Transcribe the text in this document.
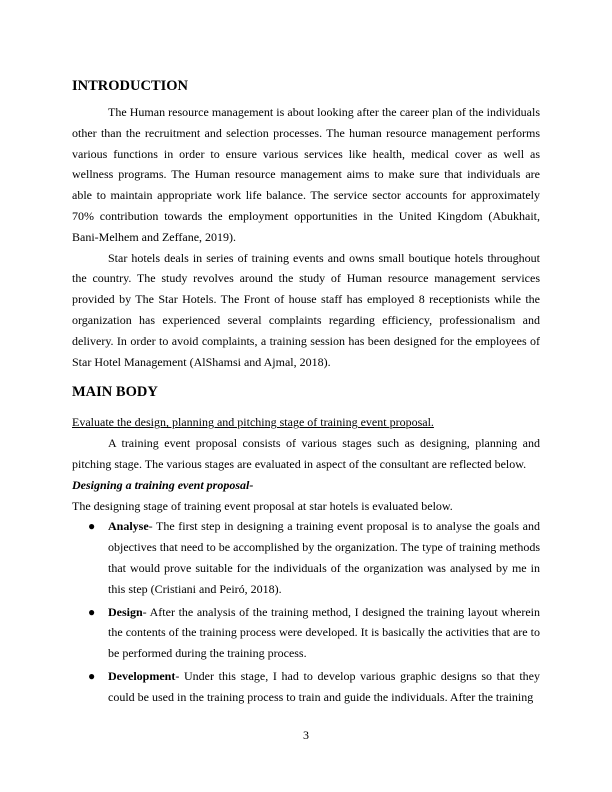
INTRODUCTION

The Human resource management is about looking after the career plan of the individuals other than the recruitment and selection processes. The human resource management performs various functions in order to ensure various services like health, medical cover as well as wellness programs. The Human resource management aims to make sure that individuals are able to maintain appropriate work life balance. The service sector accounts for approximately 70% contribution towards the employment opportunities in the United Kingdom (Abukhait, Bani-Melhem and Zeffane, 2019).

Star hotels deals in series of training events and owns small boutique hotels throughout the country. The study revolves around the study of Human resource management services provided by The Star Hotels. The Front of house staff has employed 8 receptionists while the organization has experienced several complaints regarding efficiency, professionalism and delivery. In order to avoid complaints, a training session has been designed for the employees of Star Hotel Management (AlShamsi and Ajmal, 2018).

MAIN BODY

Evaluate the design, planning and pitching stage of training event proposal.

A training event proposal consists of various stages such as designing, planning and pitching stage. The various stages are evaluated in aspect of the consultant are reflected below.

Designing a training event proposal-

The designing stage of training event proposal at star hotels is evaluated below.

● Analyse- The first step in designing a training event proposal is to analyse the goals and objectives that need to be accomplished by the organization. The type of training methods that would prove suitable for the individuals of the organization was analysed by me in this step (Cristiani and Peiró, 2018).
● Design- After the analysis of the training method, I designed the training layout wherein the contents of the training process were developed. It is basically the activities that are to be performed during the training process.
● Development- Under this stage, I had to develop various graphic designs so that they could be used in the training process to train and guide the individuals. After the training
3
